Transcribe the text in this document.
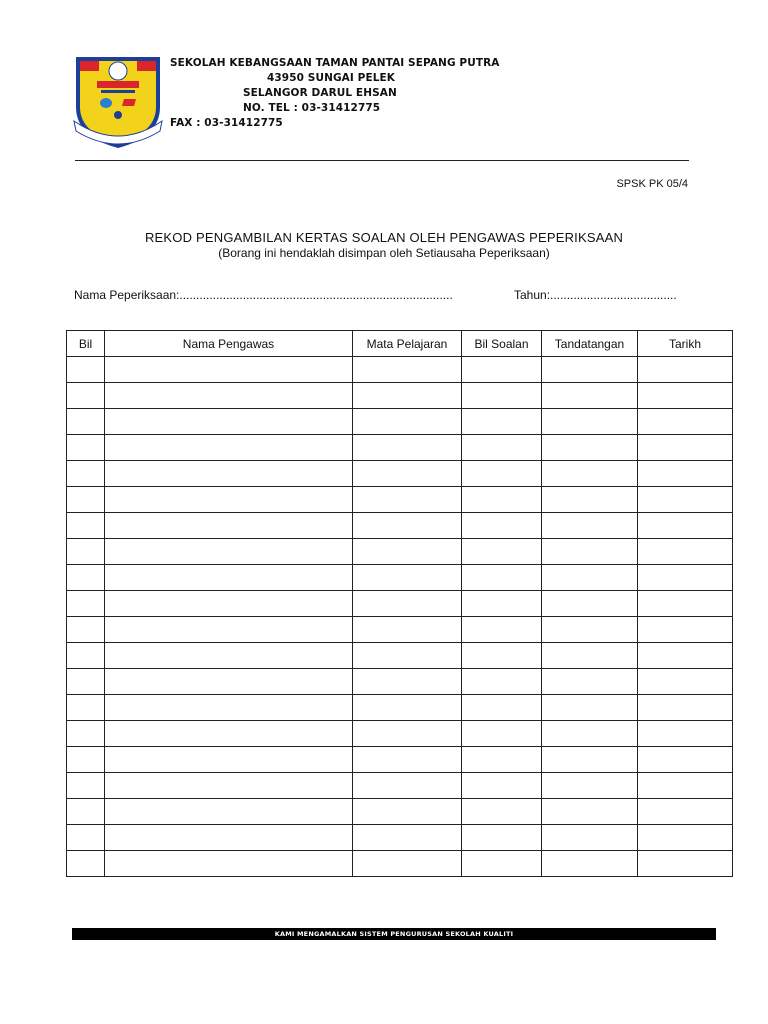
SEKOLAH KEBANGSAAN TAMAN PANTAI SEPANG PUTRA
43950 SUNGAI PELEK
SELANGOR DARUL EHSAN
NO. TEL : 03-31412775
FAX : 03-31412775
SPSK PK 05/4
REKOD PENGAMBILAN KERTAS SOALAN OLEH PENGAWAS PEPERIKSAAN
(Borang ini hendaklah disimpan oleh Setiausaha Peperiksaan)
Nama Peperiksaan:..................................................................................	Tahun:......................................
Bil	Nama Pengawas	Mata Pelajaran	Bil Soalan	Tandatangan	Tarikh

KAMI MENGAMALKAN SISTEM PENGURUSAN SEKOLAH KUALITI
